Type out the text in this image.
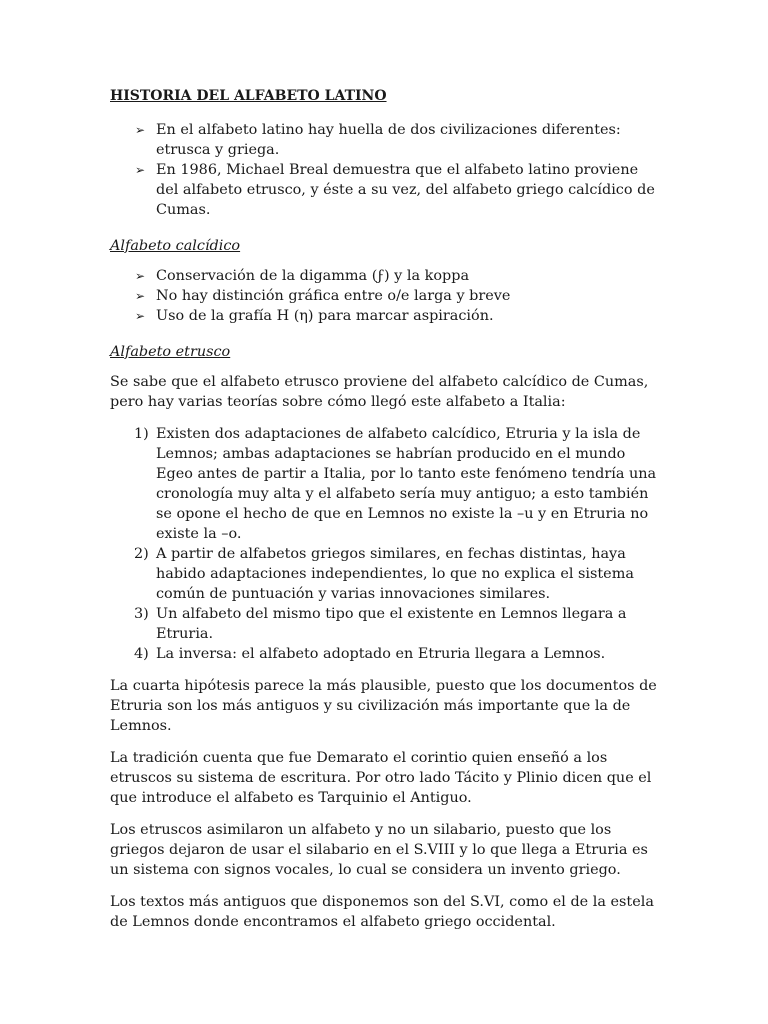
HISTORIA DEL ALFABETO LATINO
➢ En el alfabeto latino hay huella de dos civilizaciones diferentes: etrusca y griega.
➢ En 1986, Michael Breal demuestra que el alfabeto latino proviene del alfabeto etrusco, y éste a su vez, del alfabeto griego calcídico de Cumas.
Alfabeto calcídico
➢ Conservación de la digamma (ϝ) y la koppa
➢ No hay distinción gráfica entre o/e larga y breve
➢ Uso de la grafía H (η) para marcar aspiración.
Alfabeto etrusco

Se sabe que el alfabeto etrusco proviene del alfabeto calcídico de Cumas, pero hay varias teorías sobre cómo llegó este alfabeto a Italia:

1) Existen dos adaptaciones de alfabeto calcídico, Etruria y la isla de Lemnos; ambas adaptaciones se habrían producido en el mundo Egeo antes de partir a Italia, por lo tanto este fenómeno tendría una cronología muy alta y el alfabeto sería muy antiguo; a esto también se opone el hecho de que en Lemnos no existe la –u y en Etruria no existe la –o.
2) A partir de alfabetos griegos similares, en fechas distintas, haya habido adaptaciones independientes, lo que no explica el sistema común de puntuación y varias innovaciones similares.
3) Un alfabeto del mismo tipo que el existente en Lemnos llegara a Etruria.
4) La inversa: el alfabeto adoptado en Etruria llegara a Lemnos.

La cuarta hipótesis parece la más plausible, puesto que los documentos de Etruria son los más antiguos y su civilización más importante que la de Lemnos.

La tradición cuenta que fue Demarato el corintio quien enseñó a los etruscos su sistema de escritura. Por otro lado Tácito y Plinio dicen que el que introduce el alfabeto es Tarquinio el Antiguo.

Los etruscos asimilaron un alfabeto y no un silabario, puesto que los griegos dejaron de usar el silabario en el S.VIII y lo que llega a Etruria es un sistema con signos vocales, lo cual se considera un invento griego.

Los textos más antiguos que disponemos son del S.VI, como el de la estela de Lemnos donde encontramos el alfabeto griego occidental.
